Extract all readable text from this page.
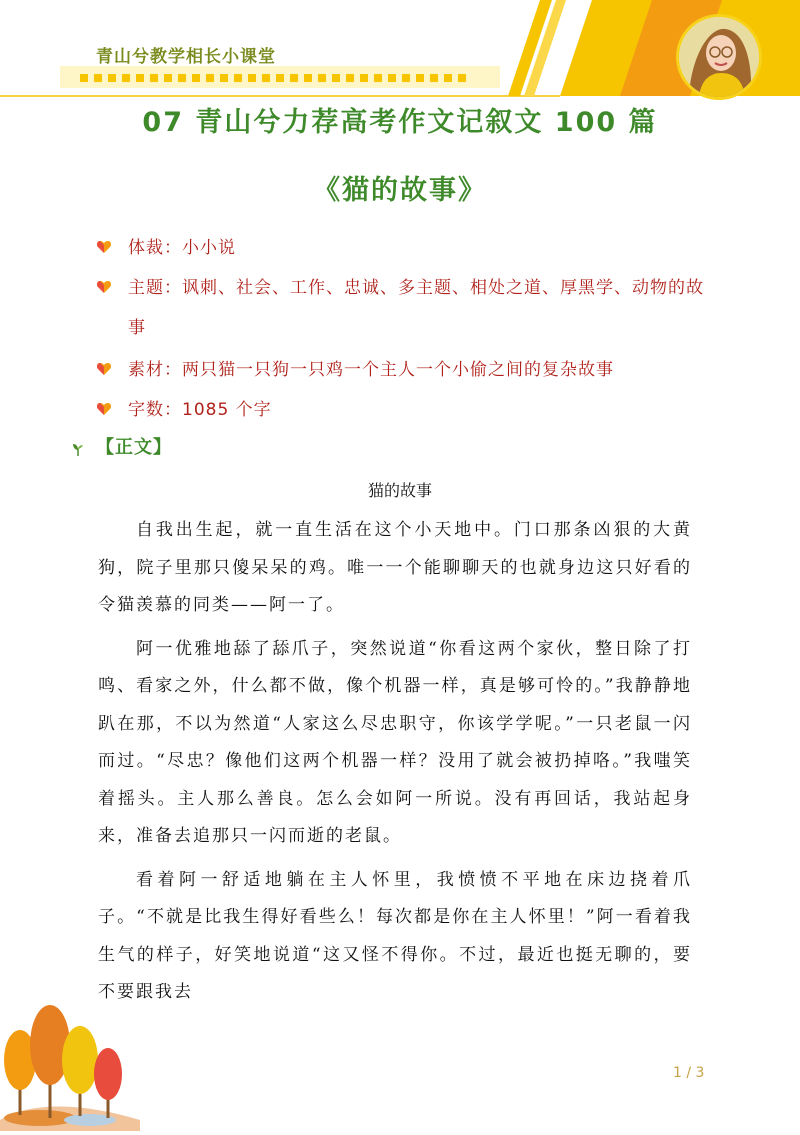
青山兮教学相长小课堂
07 青山兮力荐高考作文记叙文 100 篇
《猫的故事》
体裁：小小说
主题：讽刺、社会、工作、忠诚、多主题、相处之道、厚黑学、动物的故事
素材：两只猫一只狗一只鸡一个主人一个小偷之间的复杂故事
字数：1085 个字
【正文】
猫的故事

自我出生起，就一直生活在这个小天地中。门口那条凶狠的大黄狗，院子里那只傻呆呆的鸡。唯一一个能聊聊天的也就身边这只好看的令猫羡慕的同类——阿一了。

阿一优雅地舔了舔爪子，突然说道“你看这两个家伙，整日除了打鸣、看家之外，什么都不做，像个机器一样，真是够可怜的。”我静静地趴在那，不以为然道“人家这么尽忠职守，你该学学呢。”一只老鼠一闪而过。“尽忠？像他们这两个机器一样？没用了就会被扔掉咯。”我嗤笑着摇头。主人那么善良。怎么会如阿一所说。没有再回话，我站起身来，准备去追那只一闪而逝的老鼠。

看着阿一舒适地躺在主人怀里，我愤愤不平地在床边挠着爪子。“不就是比我生得好看些么！每次都是你在主人怀里！”阿一看着我生气的样子，好笑地说道“这又怪不得你。不过，最近也挺无聊的，要不要跟我去

1 / 3
